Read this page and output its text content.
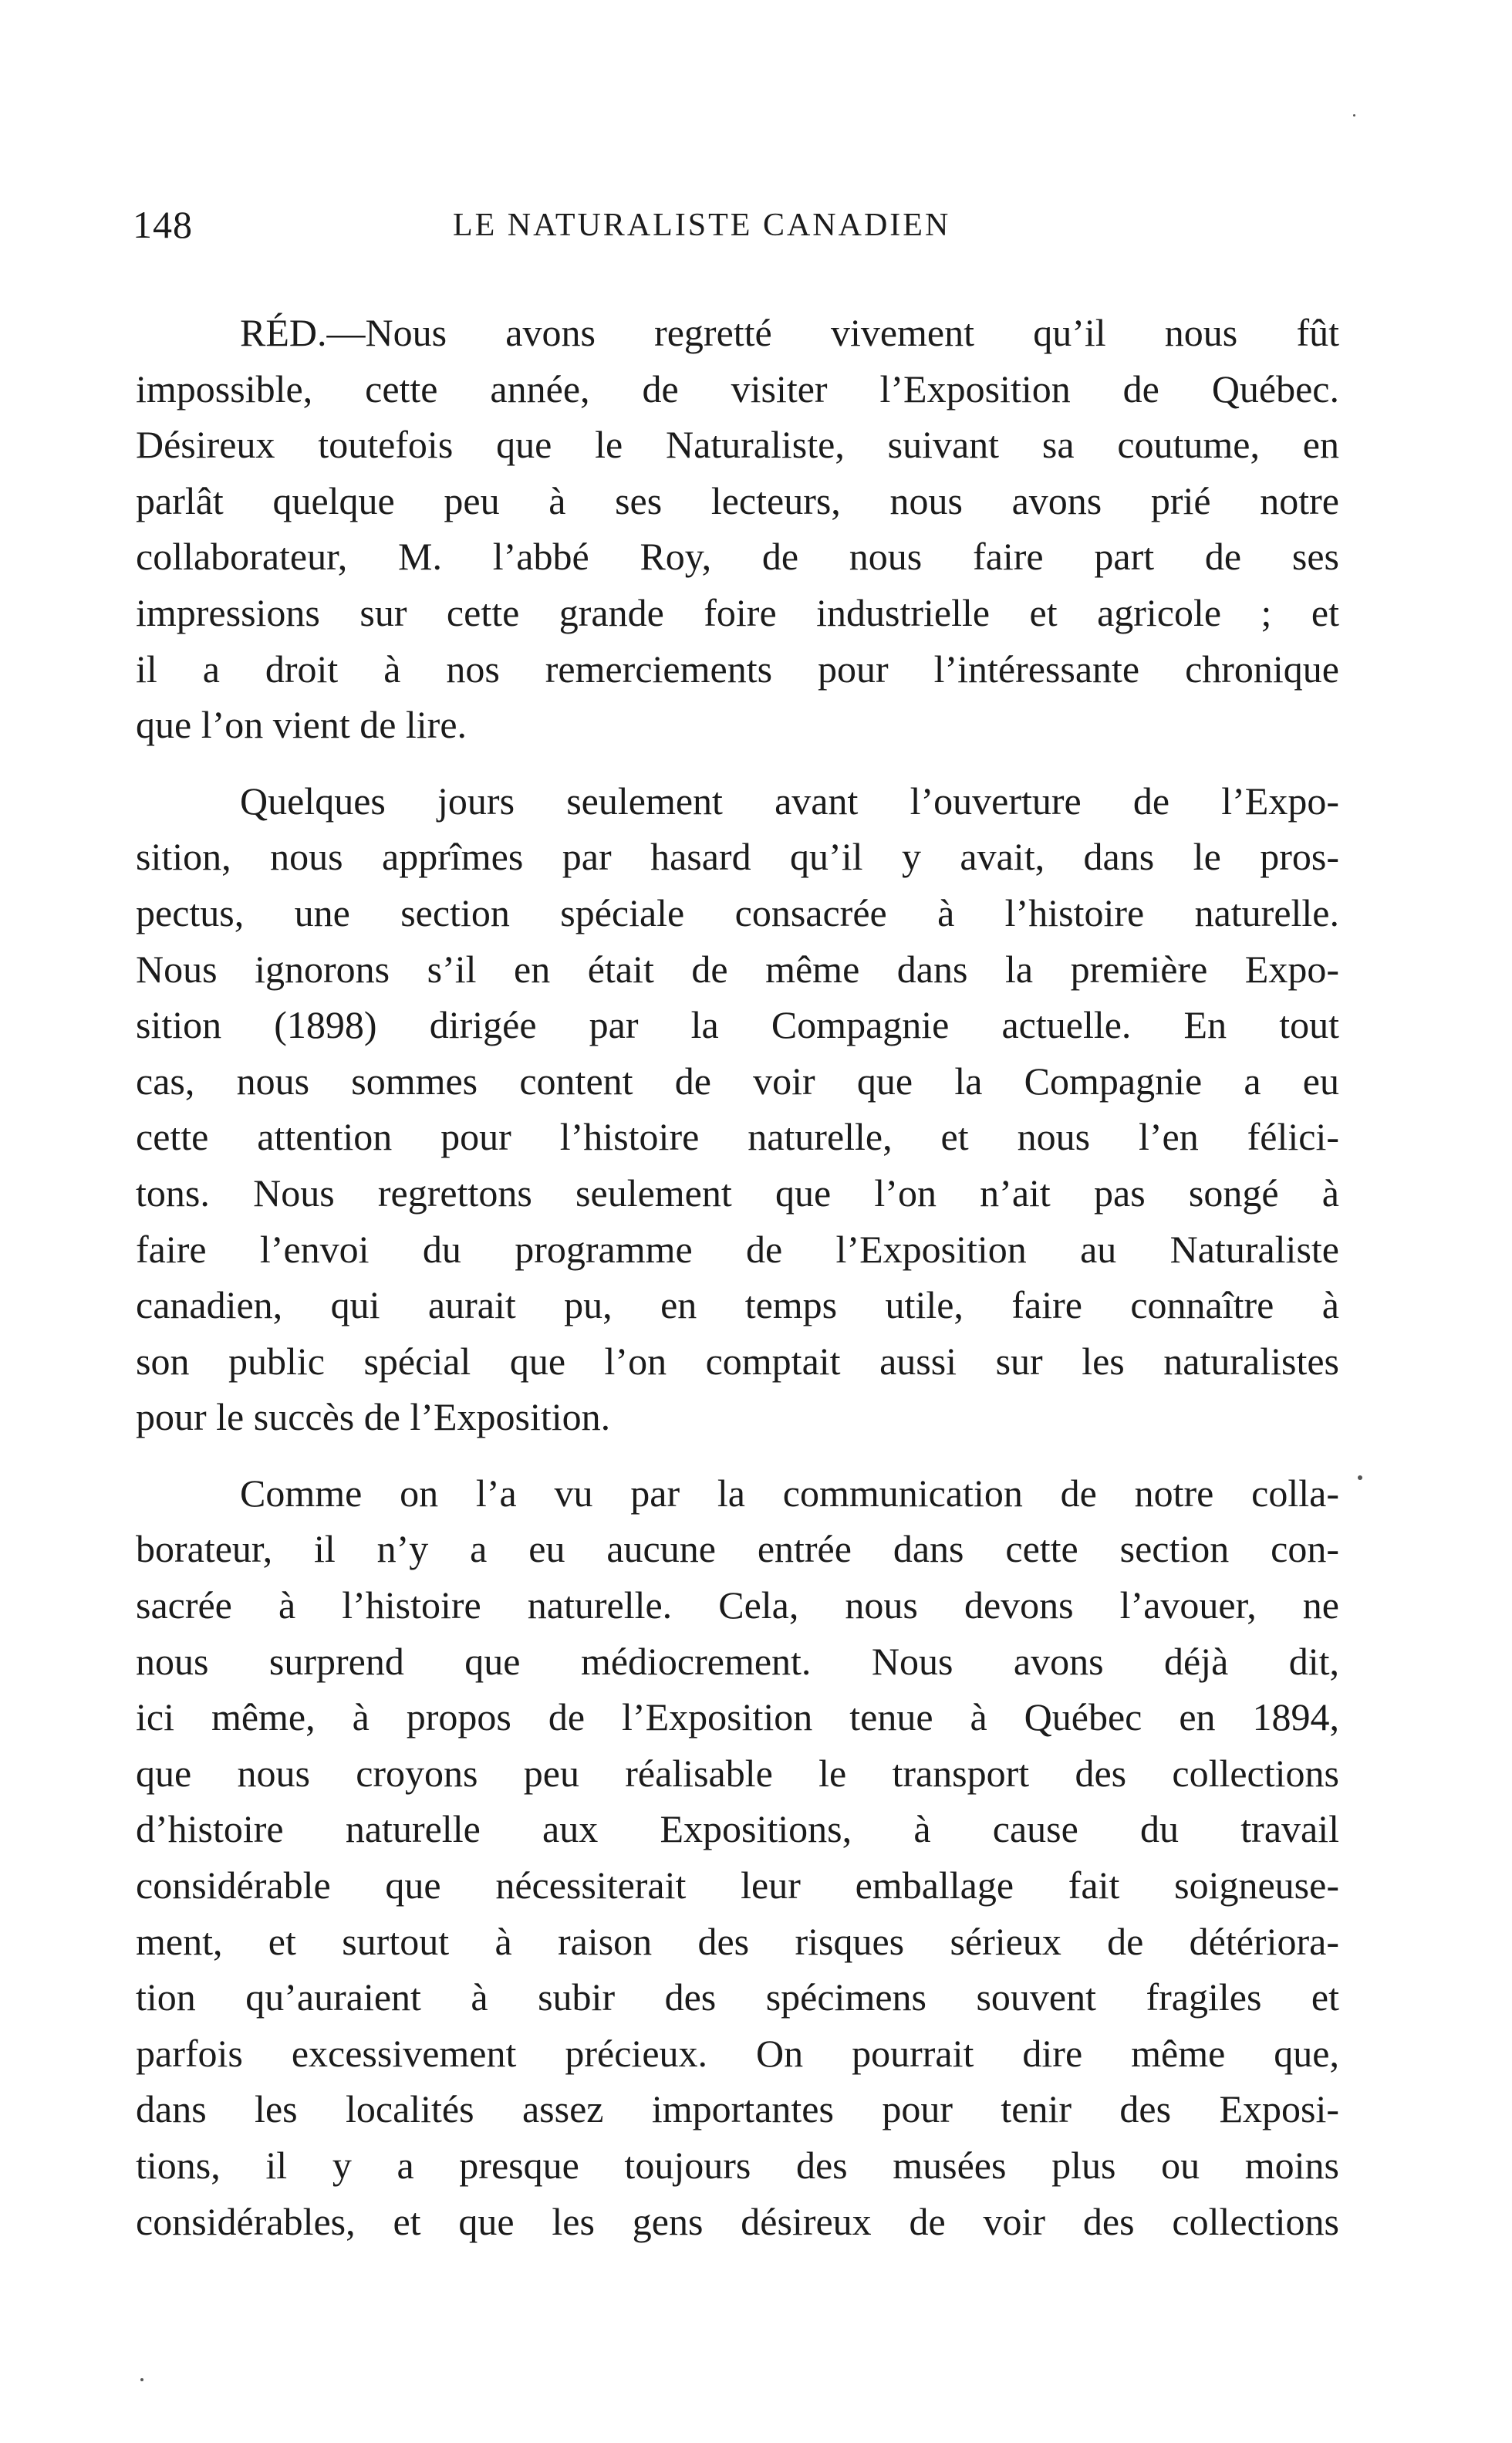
148	LE NATURALISTE CANADIEN
RÉD.—Nous avons regretté vivement qu’il nous fût
impossible, cette année, de visiter l’Exposition de Québec.
Désireux toutefois que le Naturaliste, suivant sa coutume, en
parlât quelque peu à ses lecteurs, nous avons prié notre
collaborateur, M. l’abbé Roy, de nous faire part de ses
impressions sur cette grande foire industrielle et agricole ; et
il a droit à nos remerciements pour l’intéressante chronique
que l’on vient de lire.
Quelques jours seulement avant l’ouverture de l’Expo-
sition, nous apprîmes par hasard qu’il y avait, dans le pros-
pectus, une section spéciale consacrée à l’histoire naturelle.
Nous ignorons s’il en était de même dans la première Expo-
sition (1898) dirigée par la Compagnie actuelle. En tout
cas, nous sommes content de voir que la Compagnie a eu
cette attention pour l’histoire naturelle, et nous l’en félici-
tons. Nous regrettons seulement que l’on n’ait pas songé à
faire l’envoi du programme de l’Exposition au Naturaliste
canadien, qui aurait pu, en temps utile, faire connaître à
son public spécial que l’on comptait aussi sur les naturalistes
pour le succès de l’Exposition.
Comme on l’a vu par la communication de notre colla-
borateur, il n’y a eu aucune entrée dans cette section con-
sacrée à l’histoire naturelle. Cela, nous devons l’avouer, ne
nous surprend que médiocrement. Nous avons déjà dit,
ici même, à propos de l’Exposition tenue à Québec en 1894,
que nous croyons peu réalisable le transport des collections
d’histoire naturelle aux Expositions, à cause du travail
considérable que nécessiterait leur emballage fait soigneuse-
ment, et surtout à raison des risques sérieux de détériora-
tion qu’auraient à subir des spécimens souvent fragiles et
parfois excessivement précieux. On pourrait dire même que,
dans les localités assez importantes pour tenir des Exposi-
tions, il y a presque toujours des musées plus ou moins
considérables, et que les gens désireux de voir des collections
